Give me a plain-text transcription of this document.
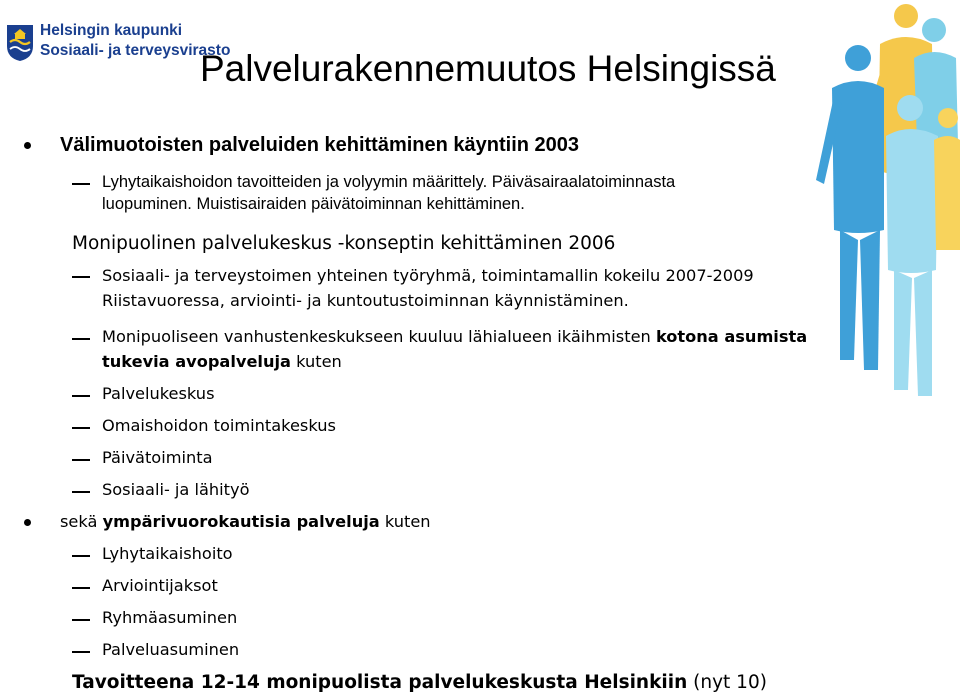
Helsingin kaupunki
Sosiaali- ja terveysvirasto
Palvelurakennemuutos Helsingissä
Välimuotoisten palveluiden kehittäminen käyntiin 2003
Lyhytaikaishoidon tavoitteiden ja volyymin määrittely. Päiväsairaalatoiminnasta
luopuminen. Muistisairaiden päivätoiminnan kehittäminen.
Monipuolinen palvelukeskus -konseptin kehittäminen 2006
Sosiaali- ja terveystoimen yhteinen työryhmä, toimintamallin kokeilu 2007-2009
Riistavuoressa, arviointi- ja kuntoutustoiminnan käynnistäminen.
Monipuoliseen vanhustenkeskukseen kuuluu lähialueen ikäihmisten kotona asumista
tukevia avopalveluja kuten
Palvelukeskus
Omaishoidon toimintakeskus
Päivätoiminta
Sosiaali- ja lähityö
sekä ympärivuorokautisia palveluja kuten
Lyhytaikaishoito
Arviointijaksot
Ryhmäasuminen
Palveluasuminen
Tavoitteena 12-14 monipuolista palvelukeskusta Helsinkiin (nyt 10)
